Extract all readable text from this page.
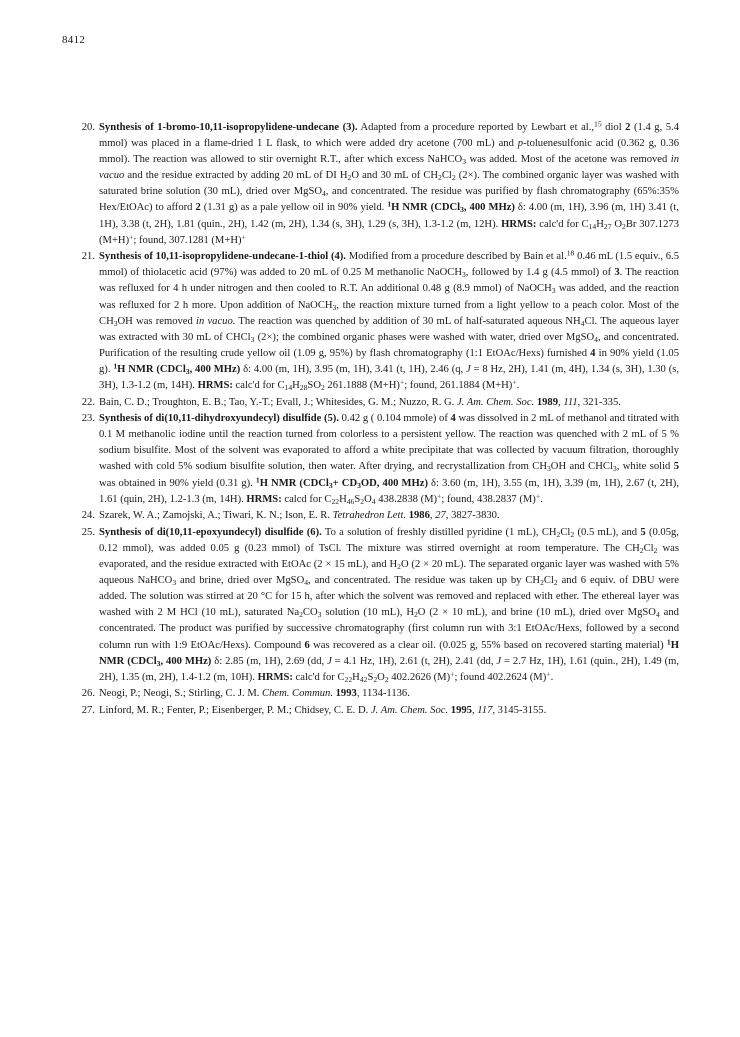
8412
20. Synthesis of 1-bromo-10,11-isopropylidene-undecane (3). Adapted from a procedure reported by Lewbart et al.,$^{15}$ diol 2 (1.4 g, 5.4 mmol) was placed in a flame-dried 1 L flask, to which were added dry acetone (700 mL) and p-toluenesulfonic acid (0.362 g, 0.36 mmol). The reaction was allowed to stir overnight R.T., after which excess NaHCO$_3$ was added. Most of the acetone was removed in vacuo and the residue extracted by adding 20 mL of DI $H_2O$ and 30 mL of $CH_2Cl_2$ (2×). The combined organic layer was washed with saturated brine solution (30 mL), dried over MgSO$_4$, and concentrated. The residue was purified by flash chromatography (65%:35% Hex/EtOAc) to afford 2 (1.31 g) as a pale yellow oil in 90% yield. $^1$H NMR (CDCl$_3$, 400 MHz) δ: 4.00 (m, 1H), 3.96 (m, 1H) 3.41 (t, 1H), 3.38 (t, 2H), 1.81 (quin., 2H), 1.42 (m, 2H), 1.34 (s, 3H), 1.29 (s, 3H), 1.3-1.2 (m, 12H). HRMS: calc'd for $C_{14}H_{27}$ $O_2Br$ 307.1273 (M+H)+; found, 307.1281 (M+H)+
21. Synthesis of 10,11-isopropylidene-undecane-1-thiol (4). Modified from a procedure described by Bain et al.$^{18}$ 0.46 mL (1.5 equiv., 6.5 mmol) of thiolacetic acid (97%) was added to 20 mL of 0.25 M methanolic NaOCH$_3$, followed by 1.4 g (4.5 mmol) of 3. The reaction was refluxed for 4 h under nitrogen and then cooled to R.T. An additional 0.48 g (8.9 mmol) of NaOCH$_3$ was added, and the reaction was refluxed for 2 h more. Upon addition of NaOCH$_3$, the reaction mixture turned from a light yellow to a peach color. Most of the $CH_3OH$ was removed in vacuo. The reaction was quenched by addition of 30 mL of half-saturated aqueous $NH_4Cl$. The aqueous layer was extracted with 30 mL of CHCl$_3$ (2×); the combined organic phases were washed with water, dried over MgSO$_4$, and concentrated. Purification of the resulting crude yellow oil (1.09 g, 95%) by flash chromatography (1:1 EtOAc/Hexs) furnished 4 in 90% yield (1.05 g). $^1$H NMR (CDCl$_3$, 400 MHz) δ: 4.00 (m, 1H), 3.95 (m, 1H), 3.41 (t, 1H), 2.46 (q, J = 8 Hz, 2H), 1.41 (m, 4H), 1.34 (s, 3H), 1.30 (s, 3H), 1.3-1.2 (m, 14H). HRMS: calc'd for $C_{14}H_{28}SO_2$ 261.1888 (M+H)+; found, 261.1884 (M+H)+.
22. Bain, C. D.; Troughton, E. B.; Tao, Y.-T.; Evall, J.; Whitesides, G. M.; Nuzzo, R. G. J. Am. Chem. Soc. 1989, 111, 321-335.
23. Synthesis of di(10,11-dihydroxyundecyl) disulfide (5). 0.42 g ( 0.104 mmole) of 4 was dissolved in 2 mL of methanol and titrated with 0.1 M methanolic iodine until the reaction turned from colorless to a persistent yellow. The reaction was quenched with 2 mL of 5 % sodium bisulfite. Most of the solvent was evaporated to afford a white precipitate that was collected by vacuum filtration, thoroughly washed with cold 5% sodium bisulfite solution, then water. After drying, and recrystallization from $CH_3OH$ and CHCl$_3$, white solid 5 was obtained in 90% yield (0.31 g). $^1$H NMR (CDCl$_3$+ $CD_3OD$, 400 MHz) δ: 3.60 (m, 1H), 3.55 (m, 1H), 3.39 (m, 1H), 2.67 (t, 2H), 1.61 (quin, 2H), 1.2-1.3 (m, 14H). HRMS: calcd for $C_{22}H_{46}S_2O_4$ 438.2838 (M)+; found, 438.2837 (M)+.
24. Szarek, W. A.; Zamojski, A.; Tiwari, K. N.; Ison, E. R. Tetrahedron Lett. 1986, 27, 3827-3830.
25. Synthesis of di(10,11-epoxyundecyl) disulfide (6). To a solution of freshly distilled pyridine (1 mL), $CH_2Cl_2$ (0.5 mL), and 5 (0.05g, 0.12 mmol), was added 0.05 g (0.23 mmol) of TsCl. The mixture was stirred overnight at room temperature. The $CH_2Cl_2$ was evaporated, and the residue extracted with EtOAc (2 × 15 mL), and $H_2O$ (2 × 20 mL). The separated organic layer was washed with 5% aqueous NaHCO$_3$ and brine, dried over MgSO$_4$, and concentrated. The residue was taken up by $CH_2Cl_2$ and 6 equiv. of DBU were added. The solution was stirred at 20 °C for 15 h, after which the solvent was removed and replaced with ether. The ethereal layer was washed with 2 M HCl (10 mL), saturated $Na_2CO_3$ solution (10 mL), $H_2O$ (2 × 10 mL), and brine (10 mL), dried over MgSO$_4$ and concentrated. The product was purified by successive chromatography (first column run with 3:1 EtOAc/Hexs, followed by a second column run with 1:9 EtOAc/Hexs). Compound 6 was recovered as a clear oil. (0.025 g, 55% based on recovered starting material) $^1$H NMR (CDCl$_3$, 400 MHz) δ: 2.85 (m, 1H), 2.69 (dd, J = 4.1 Hz, 1H), 2.61 (t, 2H), 2.41 (dd, J = 2.7 Hz, 1H), 1.61 (quin., 2H), 1.49 (m, 2H), 1.35 (m, 2H), 1.4-1.2 (m, 10H). HRMS: calc'd for $C_{22}H_{42}S_2O_2$ 402.2626 (M)+; found 402.2624 (M)+.
26. Neogi, P.; Neogi, S.; Stirling, C. J. M. Chem. Commun. 1993, 1134-1136.
27. Linford, M. R.; Fenter, P.; Eisenberger, P. M.; Chidsey, C. E. D. J. Am. Chem. Soc. 1995, 117, 3145-3155.
